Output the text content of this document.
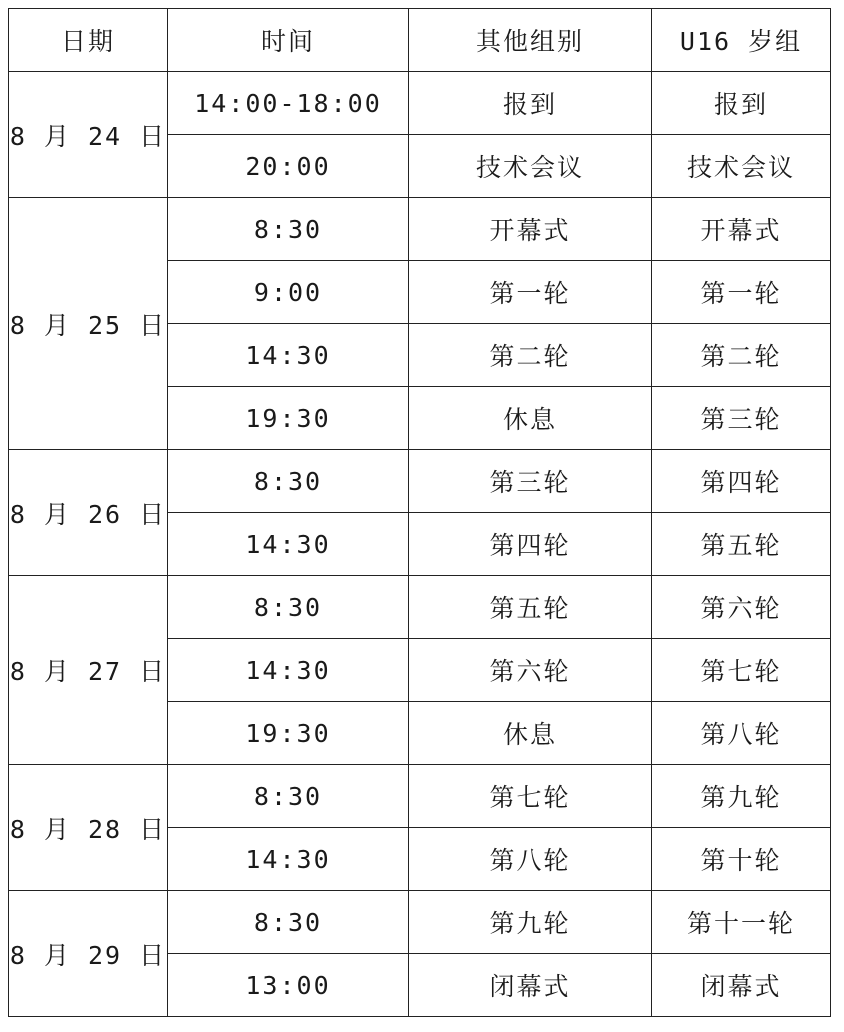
日期	时间	其他组别	U16 岁组
8 月 24 日	14:00-18:00	报到	报到
	20:00	技术会议	技术会议
8 月 25 日	8:30	开幕式	开幕式
	9:00	第一轮	第一轮
	14:30	第二轮	第二轮
	19:30	休息	第三轮
8 月 26 日	8:30	第三轮	第四轮
	14:30	第四轮	第五轮
8 月 27 日	8:30	第五轮	第六轮
	14:30	第六轮	第七轮
	19:30	休息	第八轮
8 月 28 日	8:30	第七轮	第九轮
	14:30	第八轮	第十轮
8 月 29 日	8:30	第九轮	第十一轮
	13:00	闭幕式	闭幕式
